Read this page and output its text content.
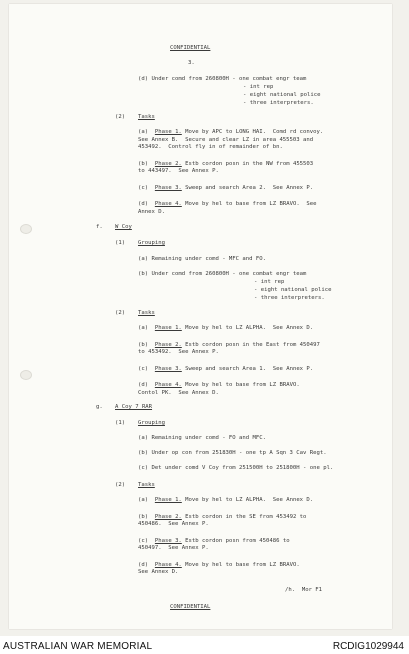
CONFIDENTIAL

3.

(d) Under comd from 260800H - one combat engr team

- int rep

- eight national police

- three interpreters.

(2) Tasks

(a) Phase 1. Move by APC to LONG HAI.  Comd rd convoy.

See Annex B.  Secure and clear LZ in area 455503 and

453492.  Control fly in of remainder of bn.

(b) Phase 2. Estb cordon posn in the NW from 455503

to 443497.  See Annex P.

(c) Phase 3. Sweep and search Area 2.  See Annex P.

(d) Phase 4. Move by hel to base from LZ BRAVO.  See

Annex D.

f. W Coy

(1) Grouping

(a) Remaining under comd - MFC and FO.

(b) Under comd from 260800H - one combat engr team

- int rep

- eight national police

- three interpreters.

(2) Tasks

(a) Phase 1. Move by hel to LZ ALPHA.  See Annex D.

(b) Phase 2. Estb cordon posn in the East from 450497

to 453492.  See Annex P.

(c) Phase 3. Sweep and search Area 1.  See Annex P.

(d) Phase 4. Move by hel to base from LZ BRAVO.

Contol PK.  See Annex D.

g. A Coy 7 RAR

(1) Grouping

(a) Remaining under comd - FO and MFC.

(b) Under op con from 251830H - one tp A Sqn 3 Cav Regt.

(c) Det under comd V Coy from 251500H to 251800H - one pl.

(2) Tasks

(a) Phase 1. Move by hel to LZ ALPHA.  See Annex D.

(b) Phase 2. Estb cordon in the SE from 453492 to

450486.  See Annex P.

(c) Phase 3. Estb cordon posn from 450486 to

450497.  See Annex P.

(d) Phase 4. Move by hel to base from LZ BRAVO.

See Annex D.

/h.  Mor F1

CONFIDENTIAL

AUSTRALIAN WAR MEMORIAL	RCDIG1029944
